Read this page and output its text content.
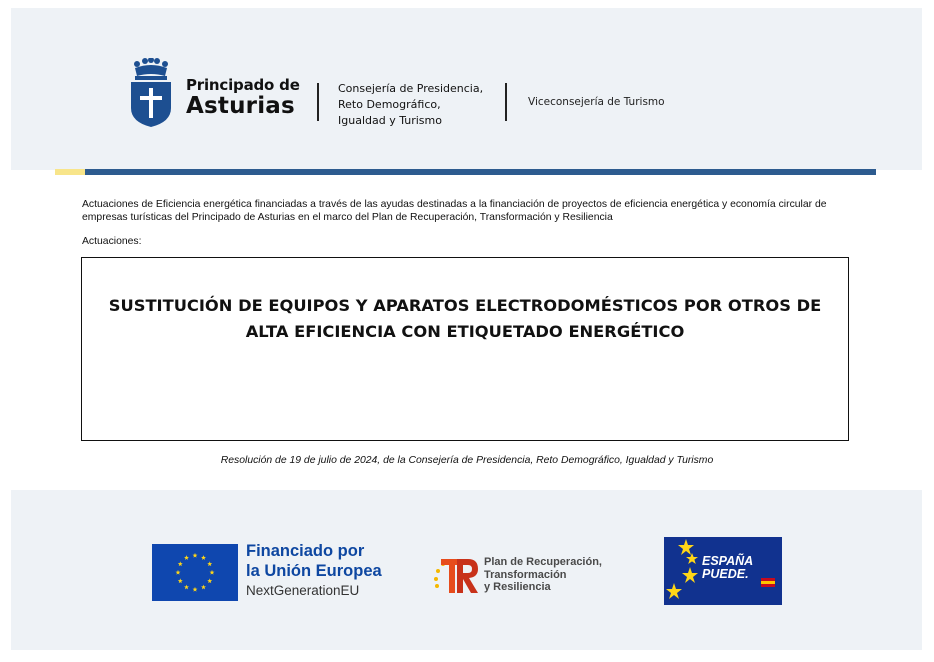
Principado de
Asturias
Consejería de Presidencia,
Reto Demográfico,
Igualdad y Turismo
Viceconsejería de Turismo
Actuaciones de Eficiencia energética financiadas a través de las ayudas destinadas a la financiación de proyectos de eficiencia energética y economía circular de empresas turísticas del Principado de Asturias en el marco del Plan de Recuperación, Transformación y Resiliencia
Actuaciones:
SUSTITUCIÓN DE EQUIPOS Y APARATOS ELECTRODOMÉSTICOS POR OTROS DE
ALTA EFICIENCIA CON ETIQUETADO ENERGÉTICO
Resolución de 19 de julio de 2024, de la Consejería de Presidencia, Reto Demográfico, Igualdad y Turismo
Financiado por
la Unión Europea
NextGenerationEU
Plan de Recuperación,
Transformación
y Resiliencia
ESPAÑA
PUEDE.
